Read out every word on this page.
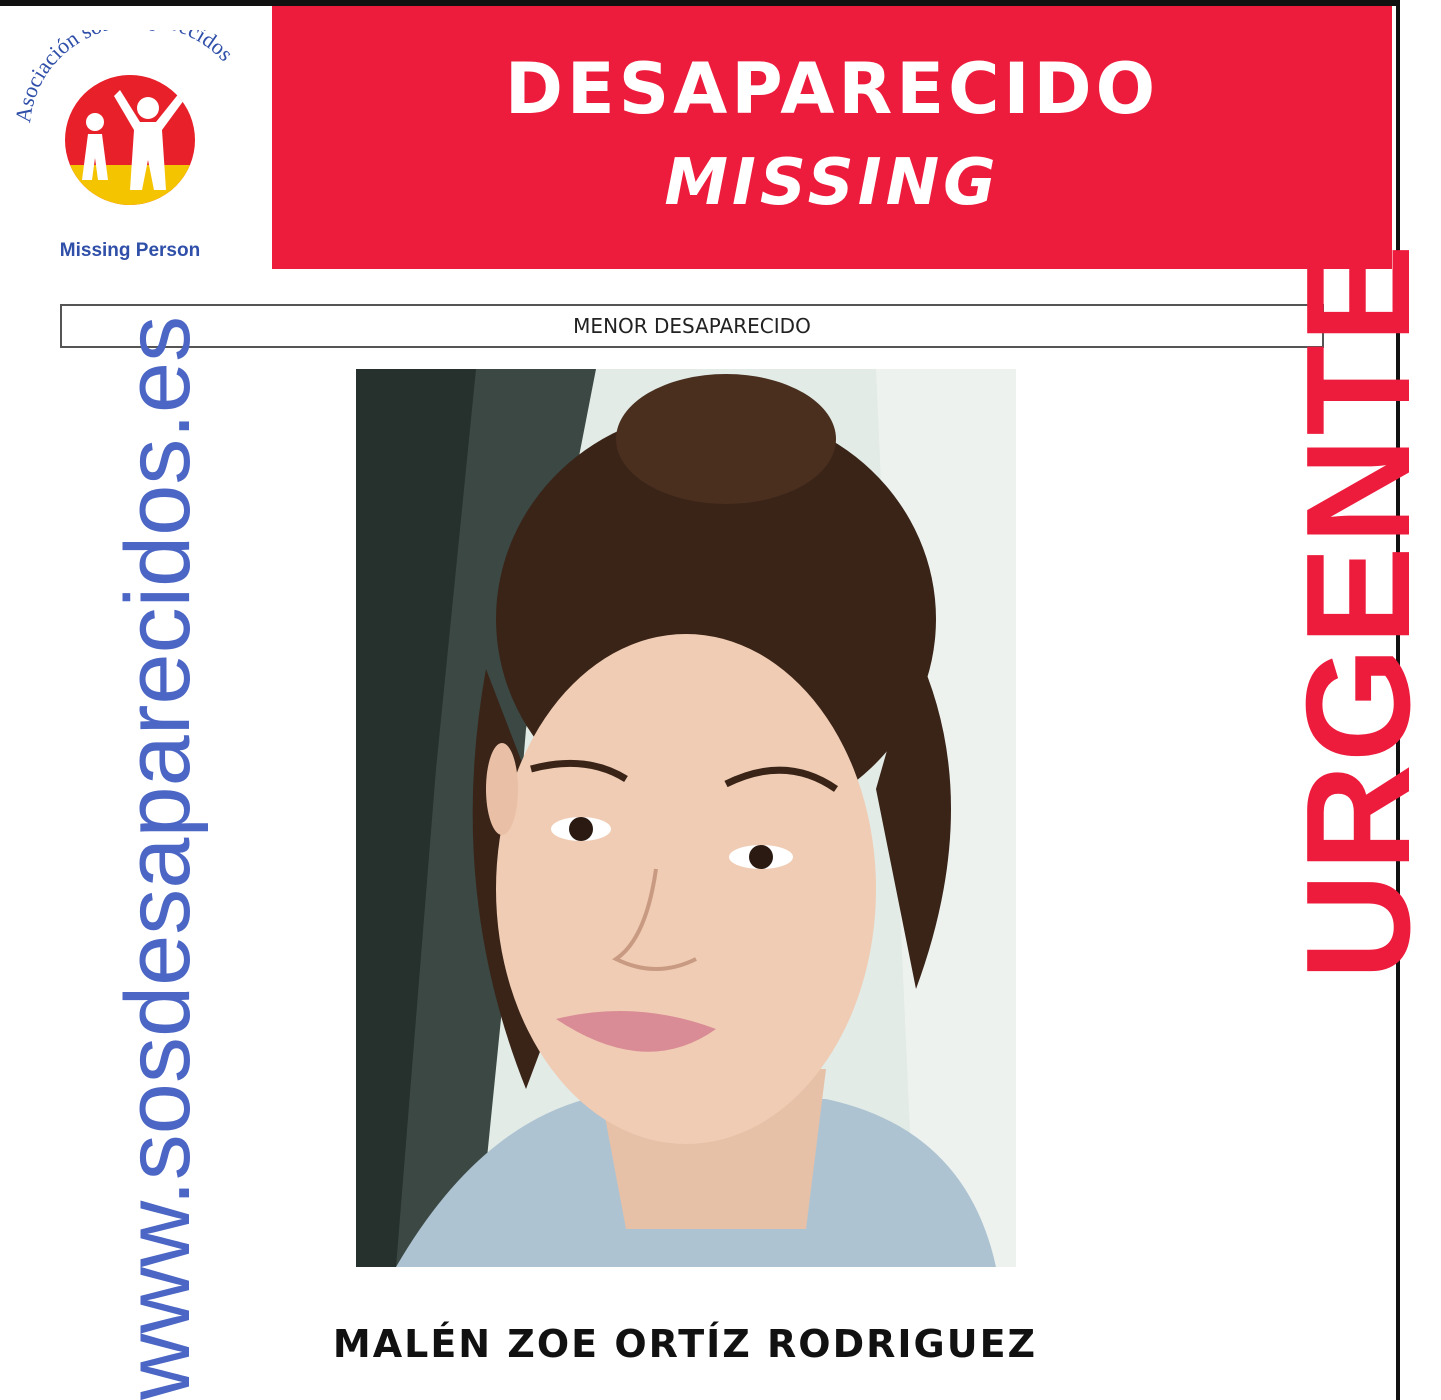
Asociación s cidos
Missing Person
DESAPARECIDO
MISSING
MENOR DESAPARECIDO
www.sosdesaparecidos.es	URGENTE
MALÉN ZOE ORTÍZ RODRIGUEZ
